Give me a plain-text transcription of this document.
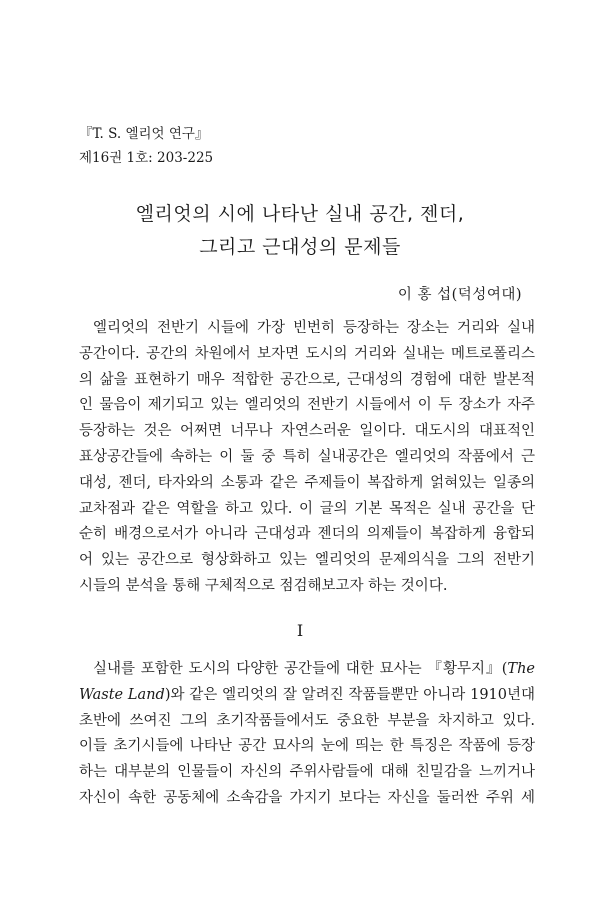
『T. S. 엘리엇 연구』
제16권 1호: 203-225
엘리엇의 시에 나타난 실내 공간, 젠더,
그리고 근대성의 문제들
이 홍 섭(덕성여대)
엘리엇의 전반기 시들에 가장 빈번히 등장하는 장소는 거리와 실내
공간이다. 공간의 차원에서 보자면 도시의 거리와 실내는 메트로폴리스
의 삶을 표현하기 매우 적합한 공간으로, 근대성의 경험에 대한 발본적
인 물음이 제기되고 있는 엘리엇의 전반기 시들에서 이 두 장소가 자주
등장하는 것은 어쩌면 너무나 자연스러운 일이다. 대도시의 대표적인
표상공간들에 속하는 이 둘 중 특히 실내공간은 엘리엇의 작품에서 근
대성, 젠더, 타자와의 소통과 같은 주제들이 복잡하게 얽혀있는 일종의
교차점과 같은 역할을 하고 있다. 이 글의 기본 목적은 실내 공간을 단
순히 배경으로서가 아니라 근대성과 젠더의 의제들이 복잡하게 융합되
어 있는 공간으로 형상화하고 있는 엘리엇의 문제의식을 그의 전반기
시들의 분석을 통해 구체적으로 점검해보고자 하는 것이다.
I
실내를 포함한 도시의 다양한 공간들에 대한 묘사는 『황무지』(The
Waste Land)와 같은 엘리엇의 잘 알려진 작품들뿐만 아니라 1910년대
초반에 쓰여진 그의 초기작품들에서도 중요한 부분을 차지하고 있다.
이들 초기시들에 나타난 공간 묘사의 눈에 띄는 한 특징은 작품에 등장
하는 대부분의 인물들이 자신의 주위사람들에 대해 친밀감을 느끼거나
자신이 속한 공동체에 소속감을 가지기 보다는 자신을 둘러싼 주위 세
